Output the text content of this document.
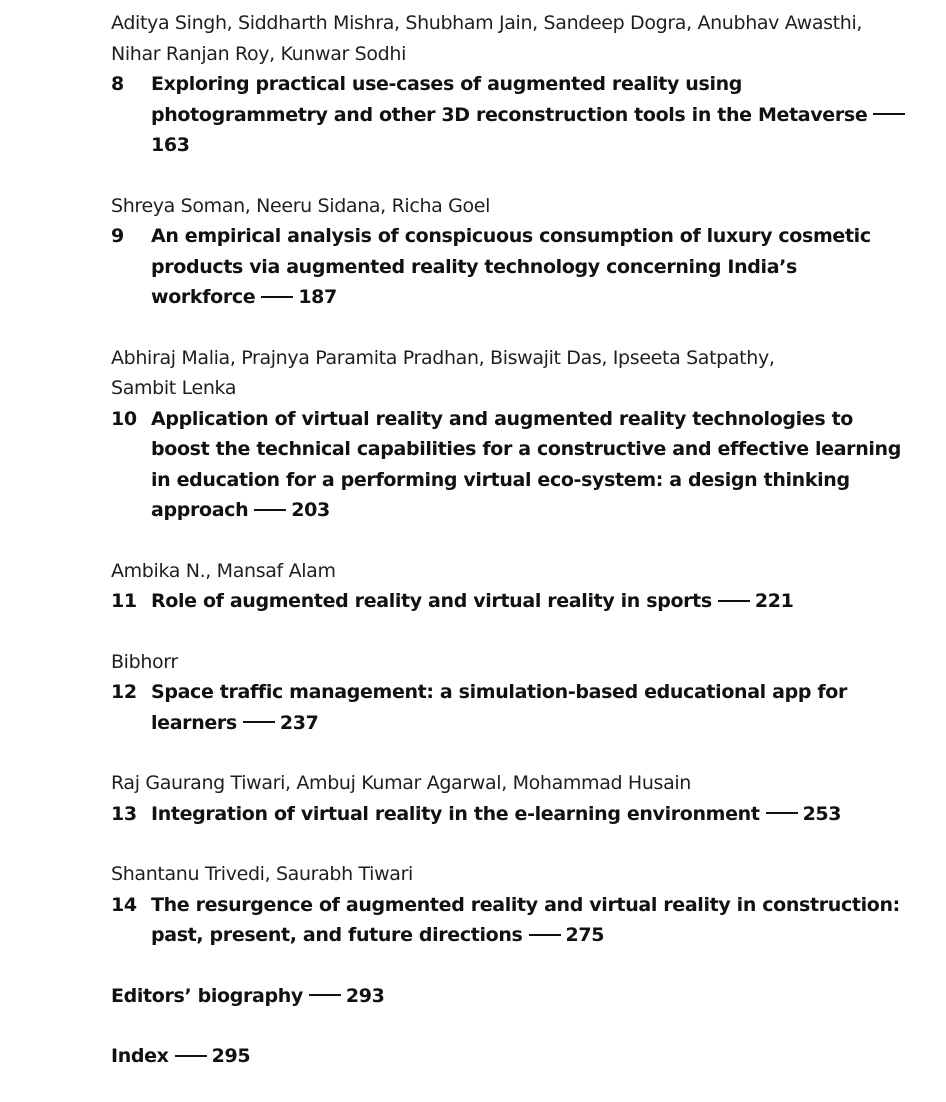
Aditya Singh, Siddharth Mishra, Shubham Jain, Sandeep Dogra, Anubhav Awasthi,
Nihar Ranjan Roy, Kunwar Sodhi
8	Exploring practical use-cases of augmented reality using
photogrammetry and other 3D reconstruction tools in the Metaverse163
Shreya Soman, Neeru Sidana, Richa Goel
9	An empirical analysis of conspicuous consumption of luxury cosmetic
products via augmented reality technology concerning India’s
workforce 187
Abhiraj Malia, Prajnya Paramita Pradhan, Biswajit Das, Ipseeta Satpathy,
Sambit Lenka
10 Application of virtual reality and augmented reality technologies to
boost the technical capabilities for a constructive and effective learning
in education for a performing virtual eco-system: a design thinking
approach 203
Ambika N., Mansaf Alam
11 Role of augmented reality and virtual reality in sports 221
Bibhorr
12 Space traffic management: a simulation-based educational app for
learners 237
Raj Gaurang Tiwari, Ambuj Kumar Agarwal, Mohammad Husain
13 Integration of virtual reality in the e-learning environment 253
Shantanu Trivedi, Saurabh Tiwari
14 The resurgence of augmented reality and virtual reality in construction:
past, present, and future directions 275
Editors’ biography 293
Index 295
